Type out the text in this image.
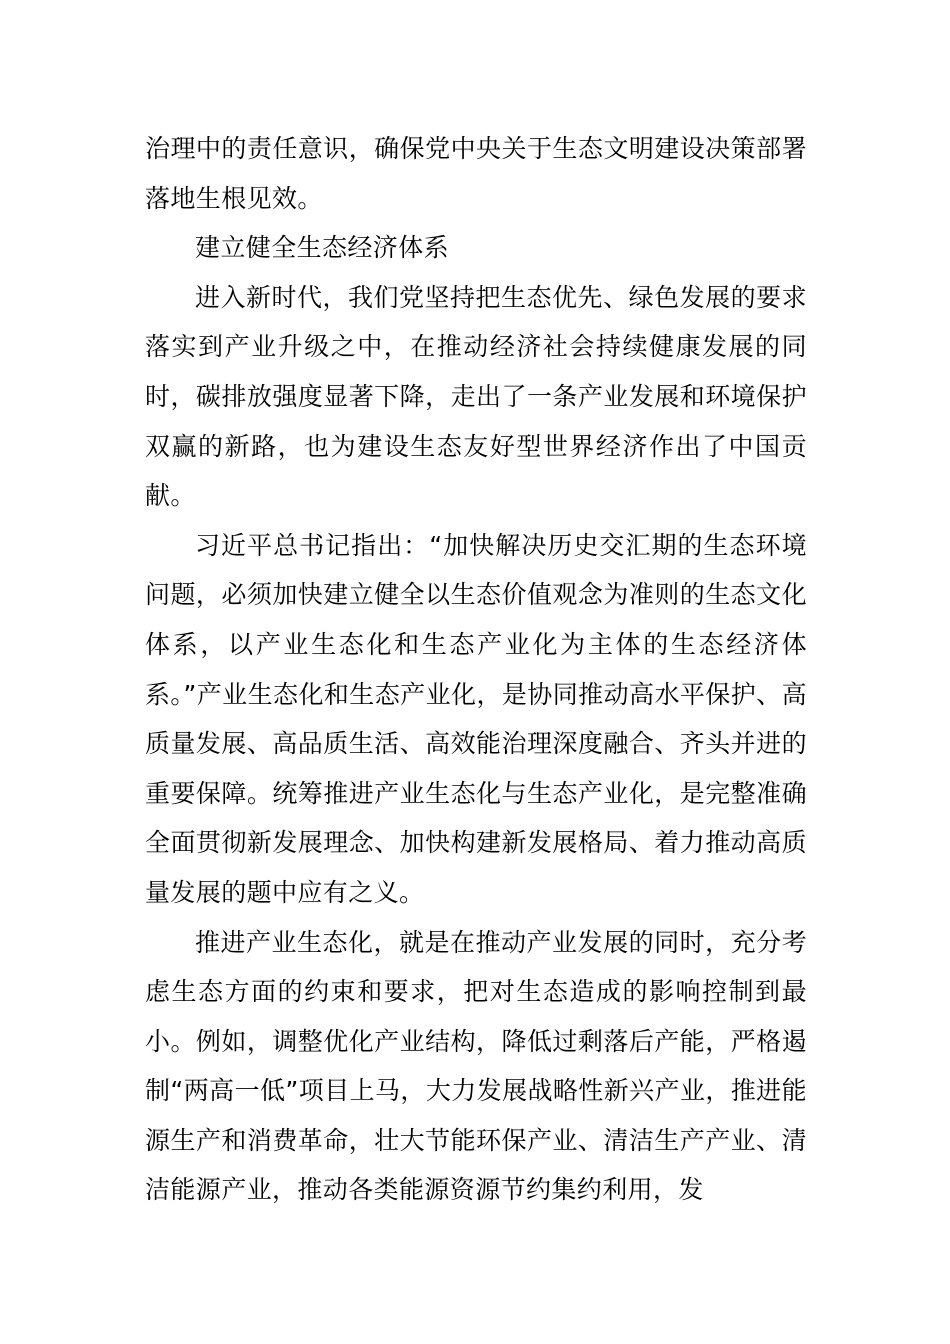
治理中的责任意识，确保党中央关于生态文明建设决策部署落地生根见效。

建立健全生态经济体系

进入新时代，我们党坚持把生态优先、绿色发展的要求落实到产业升级之中，在推动经济社会持续健康发展的同时，碳排放强度显著下降，走出了一条产业发展和环境保护双赢的新路，也为建设生态友好型世界经济作出了中国贡献。

习近平总书记指出：“加快解决历史交汇期的生态环境问题，必须加快建立健全以生态价值观念为准则的生态文化体系，以产业生态化和生态产业化为主体的生态经济体系。”产业生态化和生态产业化，是协同推动高水平保护、高质量发展、高品质生活、高效能治理深度融合、齐头并进的重要保障。统筹推进产业生态化与生态产业化，是完整准确全面贯彻新发展理念、加快构建新发展格局、着力推动高质量发展的题中应有之义。

推进产业生态化，就是在推动产业发展的同时，充分考虑生态方面的约束和要求，把对生态造成的影响控制到最小。例如，调整优化产业结构，降低过剩落后产能，严格遏制“两高一低”项目上马，大力发展战略性新兴产业，推进能源生产和消费革命，壮大节能环保产业、清洁生产产业、清洁能源产业，推动各类能源资源节约集约利用，发
